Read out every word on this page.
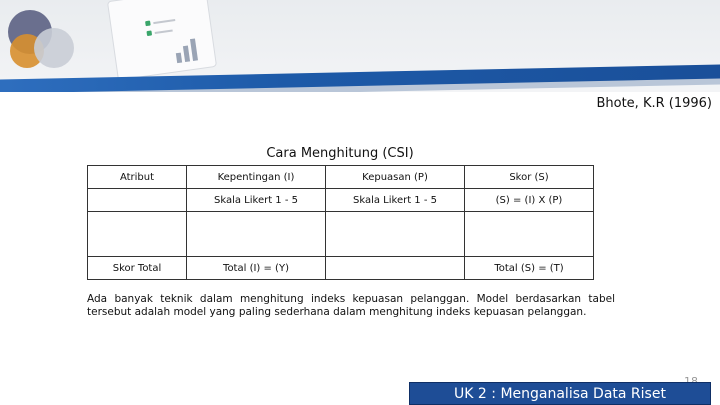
Bhote, K.R (1996)
Cara Menghitung (CSI)
Atribut	Kepentingan (I)	Kepuasan (P)	Skor (S)
	Skala Likert 1 - 5	Skala Likert 1 - 5	(S) = (I) X (P)

Skor Total	Total (I) = (Y)		Total (S) = (T)
Ada banyak teknik dalam menghitung indeks kepuasan pelanggan. Model berdasarkan tabel tersebut adalah model yang paling sederhana dalam menghitung indeks kepuasan pelanggan.
UK 2 : Menganalisa Data Riset
